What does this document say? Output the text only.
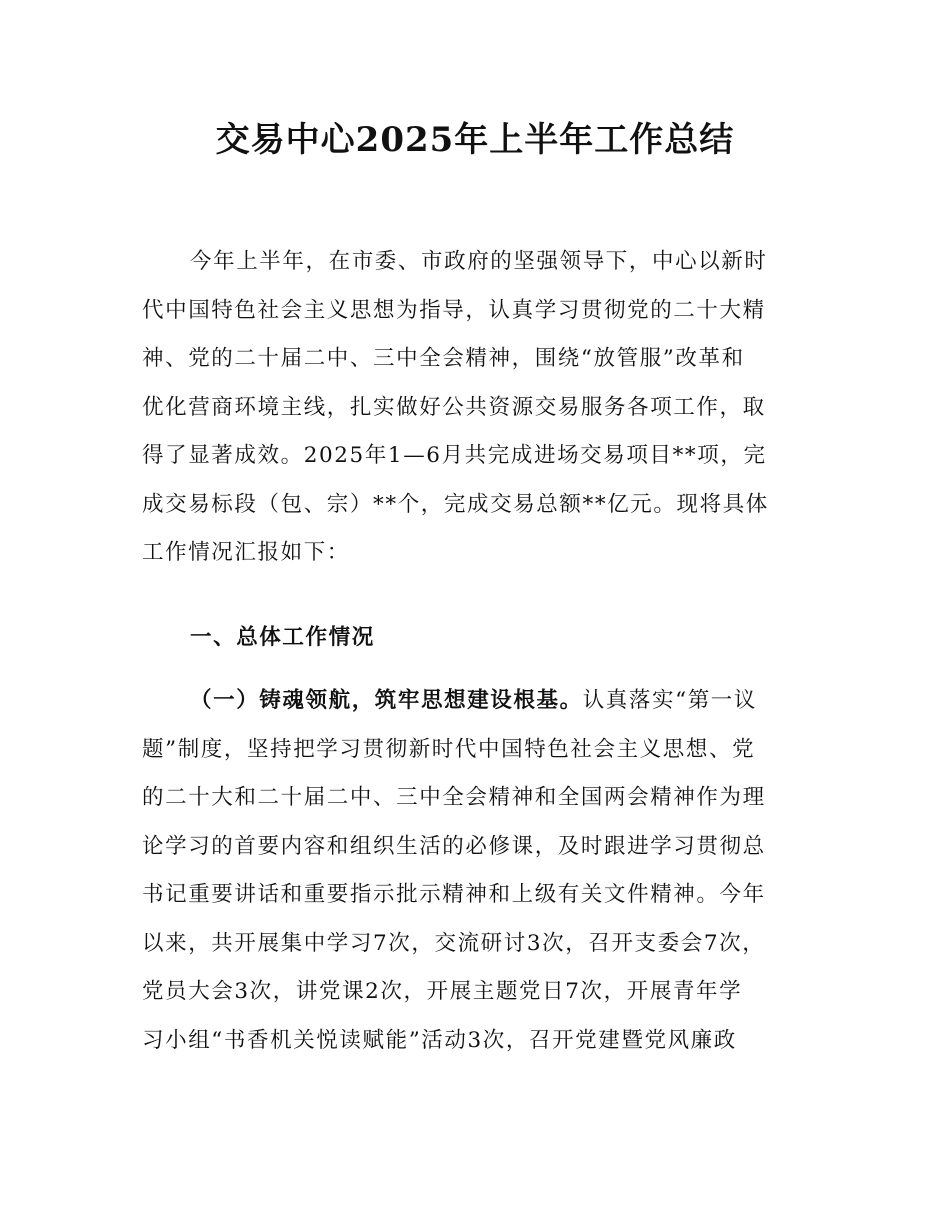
交易中心2025年上半年工作总结
今年上半年，在市委、市政府的坚强领导下，中心以新时
代中国特色社会主义思想为指导，认真学习贯彻党的二十大精
神、党的二十届二中、三中全会精神，围绕“放管服”改革和
优化营商环境主线，扎实做好公共资源交易服务各项工作，取
得了显著成效。2025年1—6月共完成进场交易项目**项，完
成交易标段（包、宗）**个，完成交易总额**亿元。现将具体
工作情况汇报如下：
一、总体工作情况
（一）铸魂领航，筑牢思想建设根基。认真落实“第一议
题”制度，坚持把学习贯彻新时代中国特色社会主义思想、党
的二十大和二十届二中、三中全会精神和全国两会精神作为理
论学习的首要内容和组织生活的必修课，及时跟进学习贯彻总
书记重要讲话和重要指示批示精神和上级有关文件精神。今年
以来，共开展集中学习7次，交流研讨3次，召开支委会7次，
党员大会3次，讲党课2次，开展主题党日7次，开展青年学
习小组“书香机关悦读赋能”活动3次，召开党建暨党风廉政
